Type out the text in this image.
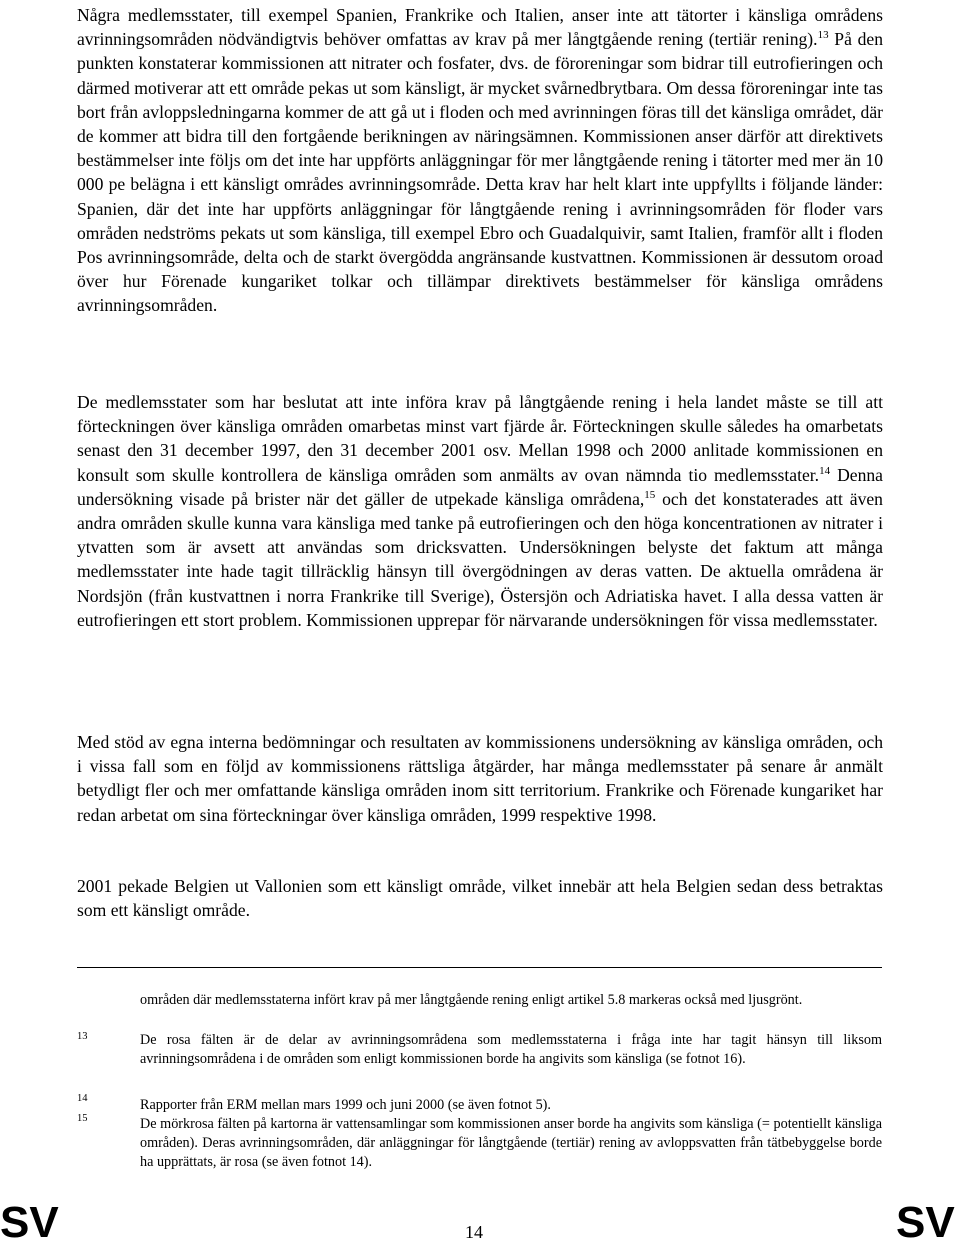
Några medlemsstater, till exempel Spanien, Frankrike och Italien, anser inte att tätorter i känsliga områdens avrinningsområden nödvändigtvis behöver omfattas av krav på mer långtgående rening (tertiär rening).$^{13}$ På den punkten konstaterar kommissionen att nitrater och fosfater, dvs. de föroreningar som bidrar till eutrofieringen och därmed motiverar att ett område pekas ut som känsligt, är mycket svårnedbrytbara. Om dessa föroreningar inte tas bort från avloppsledningarna kommer de att gå ut i floden och med avrinningen föras till det känsliga området, där de kommer att bidra till den fortgående berikningen av näringsämnen. Kommissionen anser därför att direktivets bestämmelser inte följs om det inte har uppförts anläggningar för mer långtgående rening i tätorter med mer än 10 000 pe belägna i ett känsligt områdes avrinningsområde. Detta krav har helt klart inte uppfyllts i följande länder: Spanien, där det inte har uppförts anläggningar för långtgående rening i avrinningsområden för floder vars områden nedströms pekats ut som känsliga, till exempel Ebro och Guadalquivir, samt Italien, framför allt i floden Pos avrinningsområde, delta och de starkt övergödda angränsande kustvattnen. Kommissionen är dessutom oroad över hur Förenade kungariket tolkar och tillämpar direktivets bestämmelser för känsliga områdens avrinningsområden.

De medlemsstater som har beslutat att inte införa krav på långtgående rening i hela landet måste se till att förteckningen över känsliga områden omarbetas minst vart fjärde år. Förteckningen skulle således ha omarbetats senast den 31 december 1997, den 31 december 2001 osv. Mellan 1998 och 2000 anlitade kommissionen en konsult som skulle kontrollera de känsliga områden som anmälts av ovan nämnda tio medlemsstater.$^{14}$ Denna undersökning visade på brister när det gäller de utpekade känsliga områdena,$^{15}$ och det konstaterades att även andra områden skulle kunna vara känsliga med tanke på eutrofieringen och den höga koncentrationen av nitrater i ytvatten som är avsett att användas som dricksvatten. Undersökningen belyste det faktum att många medlemsstater inte hade tagit tillräcklig hänsyn till övergödningen av deras vatten. De aktuella områdena är Nordsjön (från kustvattnen i norra Frankrike till Sverige), Östersjön och Adriatiska havet. I alla dessa vatten är eutrofieringen ett stort problem. Kommissionen upprepar för närvarande undersökningen för vissa medlemsstater.

Med stöd av egna interna bedömningar och resultaten av kommissionens undersökning av känsliga områden, och i vissa fall som en följd av kommissionens rättsliga åtgärder, har många medlemsstater på senare år anmält betydligt fler och mer omfattande känsliga områden inom sitt territorium. Frankrike och Förenade kungariket har redan arbetat om sina förteckningar över känsliga områden, 1999 respektive 1998.

2001 pekade Belgien ut Vallonien som ett känsligt område, vilket innebär att hela Belgien sedan dess betraktas som ett känsligt område.

områden där medlemsstaterna infört krav på mer långtgående rening enligt artikel 5.8 markeras också med ljusgrönt.

13	De rosa fälten är de delar av avrinningsområdena som medlemsstaterna i fråga inte har tagit hänsyn till liksom avrinningsområdena i de områden som enligt kommissionen borde ha angivits som känsliga (se fotnot 16).

14	Rapporter från ERM mellan mars 1999 och juni 2000 (se även fotnot 5).

15	De mörkrosa fälten på kartorna är vattensamlingar som kommissionen anser borde ha angivits som känsliga (= potentiellt känsliga områden). Deras avrinningsområden, där anläggningar för långtgående (tertiär) rening av avloppsvatten från tätbebyggelse borde ha upprättats, är rosa (se även fotnot 14).

SV	14	SV
